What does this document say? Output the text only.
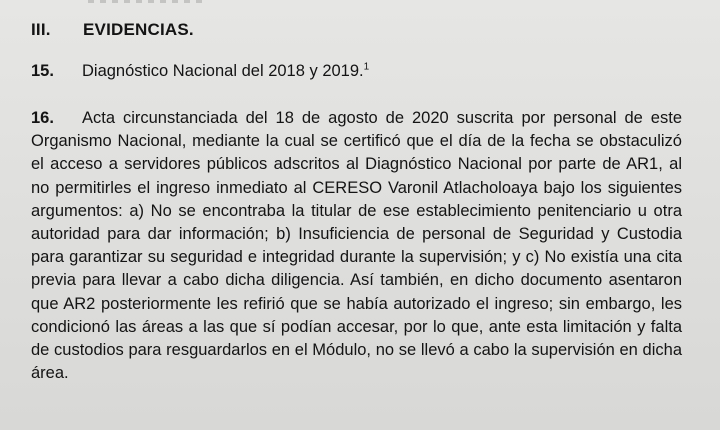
III. EVIDENCIAS.
15. Diagnóstico Nacional del 2018 y 2019.$^1$
16. Acta circunstanciada del 18 de agosto de 2020 suscrita por personal de este Organismo Nacional, mediante la cual se certificó que el día de la fecha se obstaculizó el acceso a servidores públicos adscritos al Diagnóstico Nacional por parte de AR1, al no permitirles el ingreso inmediato al CERESO Varonil Atlacholoaya bajo los siguientes argumentos: a) No se encontraba la titular de ese establecimiento penitenciario u otra autoridad para dar información; b) Insuficiencia de personal de Seguridad y Custodia para garantizar su seguridad e integridad durante la supervisión; y c) No existía una cita previa para llevar a cabo dicha diligencia. Así también, en dicho documento asentaron que AR2 posteriormente les refirió que se había autorizado el ingreso; sin embargo, les condicionó las áreas a las que sí podían accesar, por lo que, ante esta limitación y falta de custodios para resguardarlos en el Módulo, no se llevó a cabo la supervisión en dicha área.
